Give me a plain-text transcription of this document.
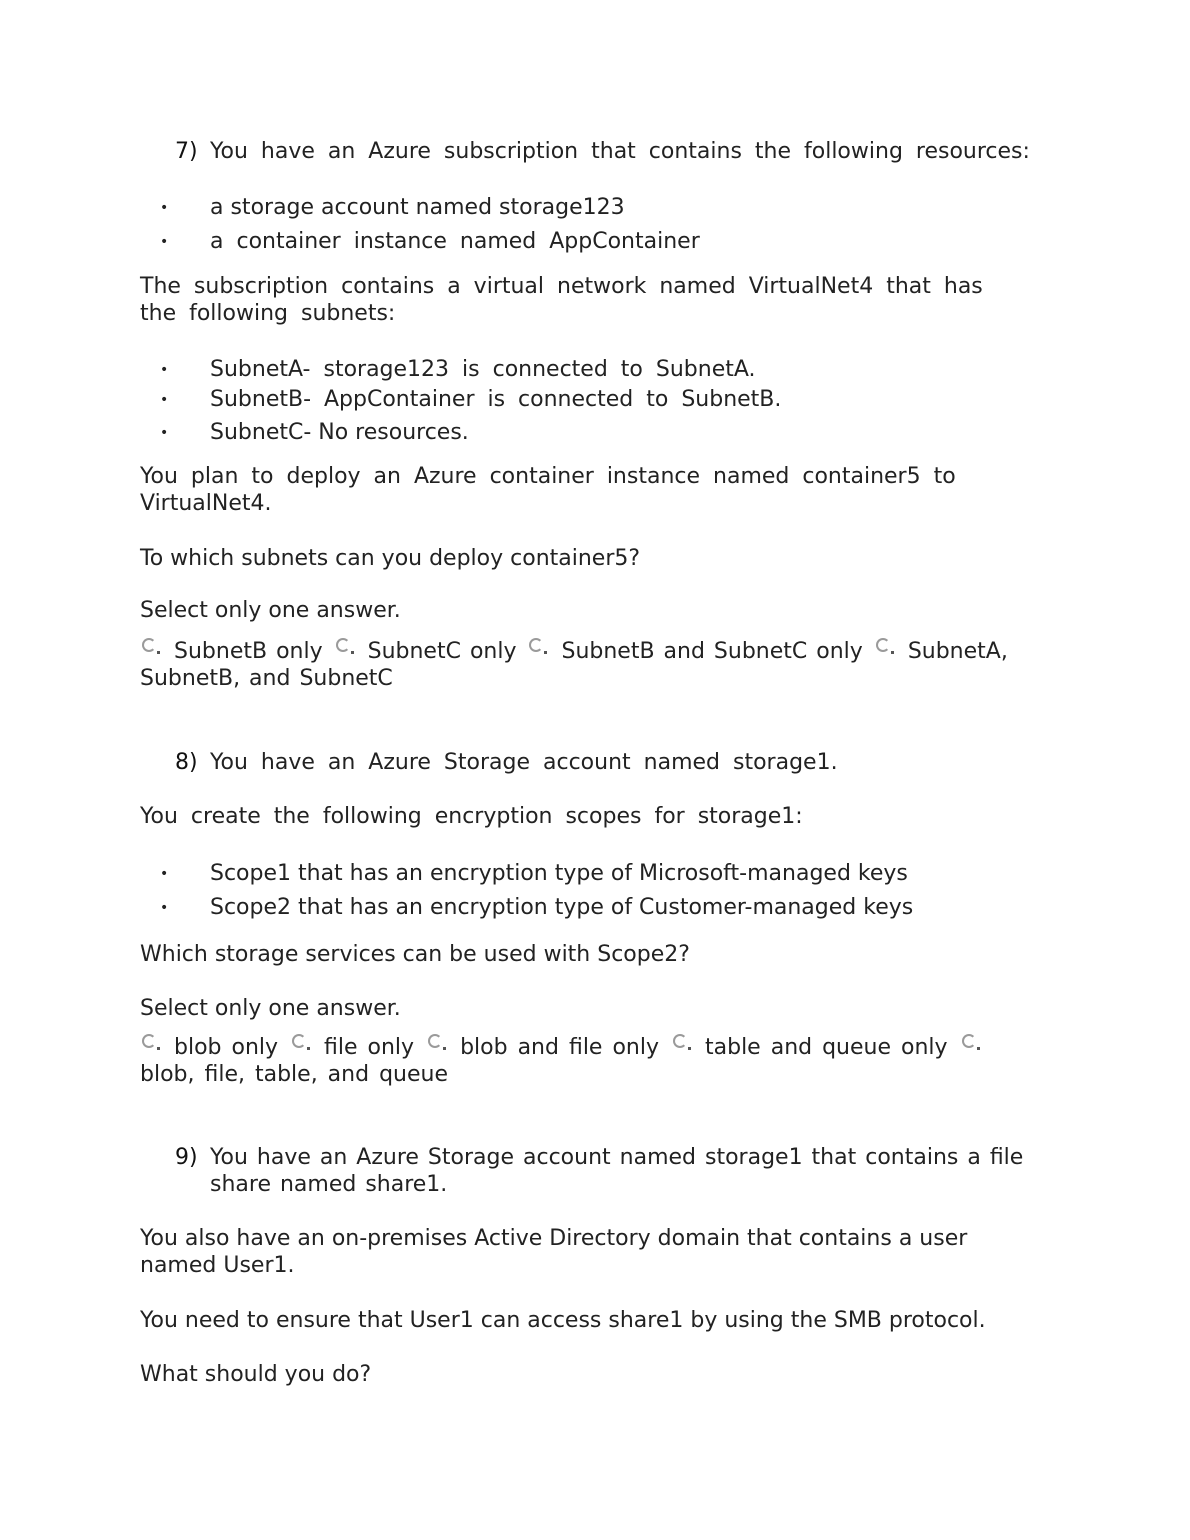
7) You have an Azure subscription that contains the following resources:
• a storage account named storage123
• a container instance named AppContainer
The subscription contains a virtual network named VirtualNet4 that has the following subnets:
• SubnetA- storage123 is connected to SubnetA.
• SubnetB- AppContainer is connected to SubnetB.
• SubnetC- No resources.
You plan to deploy an Azure container instance named container5 to VirtualNet4.
To which subnets can you deploy container5?
Select only one answer.
SubnetB only SubnetC only SubnetB and SubnetC only SubnetA, SubnetB, and SubnetC
8) You have an Azure Storage account named storage1.
You create the following encryption scopes for storage1:
• Scope1 that has an encryption type of Microsoft-managed keys
• Scope2 that has an encryption type of Customer-managed keys
Which storage services can be used with Scope2?
Select only one answer.
blob only file only blob and file only table and queue only blob, file, table, and queue
9) You have an Azure Storage account named storage1 that contains a file share named share1.
You also have an on-premises Active Directory domain that contains a user named User1.
You need to ensure that User1 can access share1 by using the SMB protocol.
What should you do?
